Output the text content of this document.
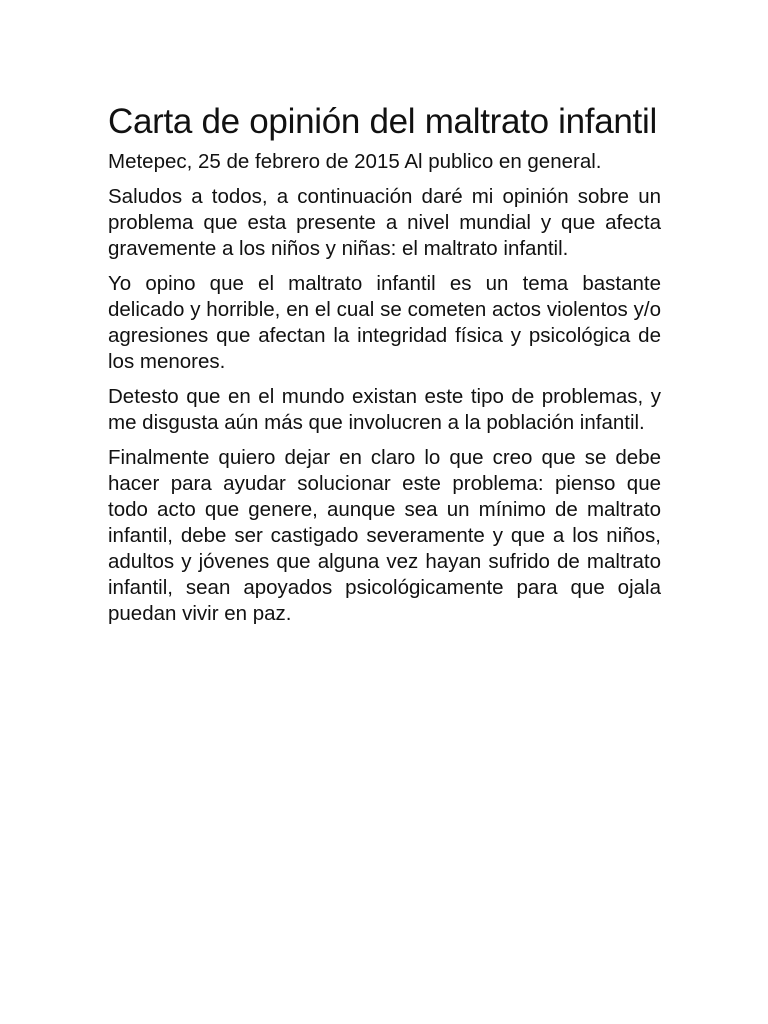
Carta de opinión del maltrato infantil

Metepec, 25 de febrero de 2015 Al publico en general.

Saludos a todos, a continuación daré mi opinión sobre un problema que esta presente a nivel mundial y que afecta gravemente a los niños y niñas: el maltrato infantil.

Yo opino que el maltrato infantil es un tema bastante delicado y horrible, en el cual se cometen actos violentos y/o agresiones que afectan la integridad física y psicológica de los menores.

Detesto que en el mundo existan este tipo de problemas, y me disgusta aún más que involucren a la población infantil.

Finalmente quiero dejar en claro lo que creo que se debe hacer para ayudar solucionar este problema: pienso que todo acto que genere, aunque sea un mínimo de maltrato infantil, debe ser castigado severamente y que a los niños, adultos y jóvenes que alguna vez hayan sufrido de maltrato infantil, sean apoyados psicológicamente para que ojala puedan vivir en paz.
